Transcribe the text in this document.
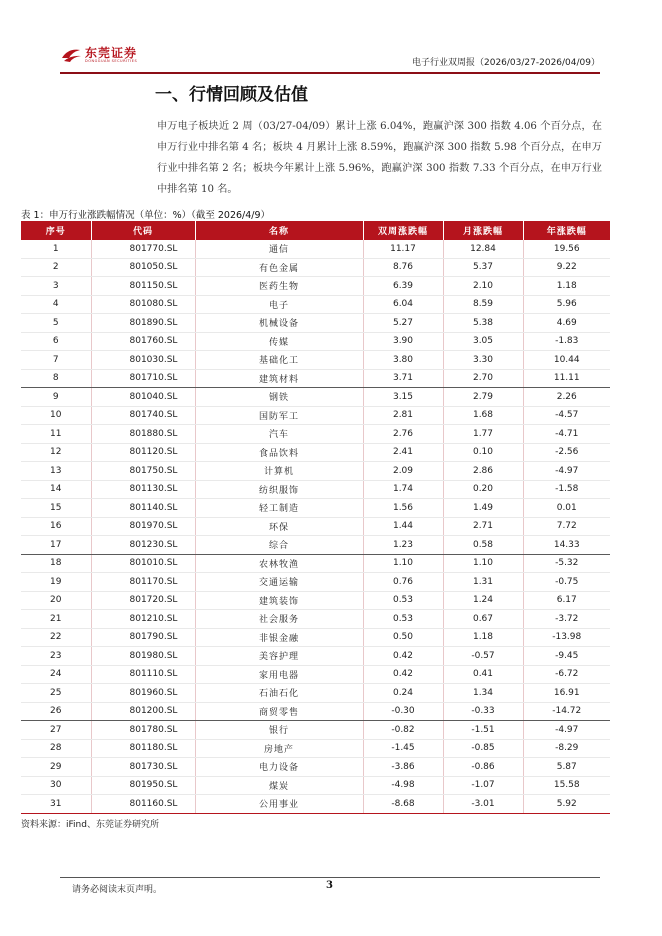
东莞证券
DONGGUAN SECURITIES	电子行业双周报（2026/03/27-2026/04/09）
一、行情回顾及估值
申万电子板块近 2 周（03/27-04/09）累计上涨 6.04%，跑赢沪深 300 指数 4.06 个百分点，在申万行业中排名第 4 名；板块 4 月累计上涨 8.59%，跑赢沪深 300 指数 5.98 个百分点，在申万行业中排名第 2 名；板块今年累计上涨 5.96%，跑赢沪深 300 指数 7.33 个百分点，在申万行业中排名第 10 名。
表 1：申万行业涨跌幅情况（单位：%）（截至 2026/4/9）
序号	代码	名称	双周涨跌幅	月涨跌幅	年涨跌幅
1	801770.SL	通信	11.17	12.84	19.56
2	801050.SL	有色金属	8.76	5.37	9.22
3	801150.SL	医药生物	6.39	2.10	1.18
4	801080.SL	电子	6.04	8.59	5.96
5	801890.SL	机械设备	5.27	5.38	4.69
6	801760.SL	传媒	3.90	3.05	-1.83
7	801030.SL	基础化工	3.80	3.30	10.44
8	801710.SL	建筑材料	3.71	2.70	11.11
9	801040.SL	钢铁	3.15	2.79	2.26
10	801740.SL	国防军工	2.81	1.68	-4.57
11	801880.SL	汽车	2.76	1.77	-4.71
12	801120.SL	食品饮料	2.41	0.10	-2.56
13	801750.SL	计算机	2.09	2.86	-4.97
14	801130.SL	纺织服饰	1.74	0.20	-1.58
15	801140.SL	轻工制造	1.56	1.49	0.01
16	801970.SL	环保	1.44	2.71	7.72
17	801230.SL	综合	1.23	0.58	14.33
18	801010.SL	农林牧渔	1.10	1.10	-5.32
19	801170.SL	交通运输	0.76	1.31	-0.75
20	801720.SL	建筑装饰	0.53	1.24	6.17
21	801210.SL	社会服务	0.53	0.67	-3.72
22	801790.SL	非银金融	0.50	1.18	-13.98
23	801980.SL	美容护理	0.42	-0.57	-9.45
24	801110.SL	家用电器	0.42	0.41	-6.72
25	801960.SL	石油石化	0.24	1.34	16.91
26	801200.SL	商贸零售	-0.30	-0.33	-14.72
27	801780.SL	银行	-0.82	-1.51	-4.97
28	801180.SL	房地产	-1.45	-0.85	-8.29
29	801730.SL	电力设备	-3.86	-0.86	5.87
30	801950.SL	煤炭	-4.98	-1.07	15.58
31	801160.SL	公用事业	-8.68	-3.01	5.92
资料来源：iFind、东莞证券研究所
请务必阅读末页声明。	3
